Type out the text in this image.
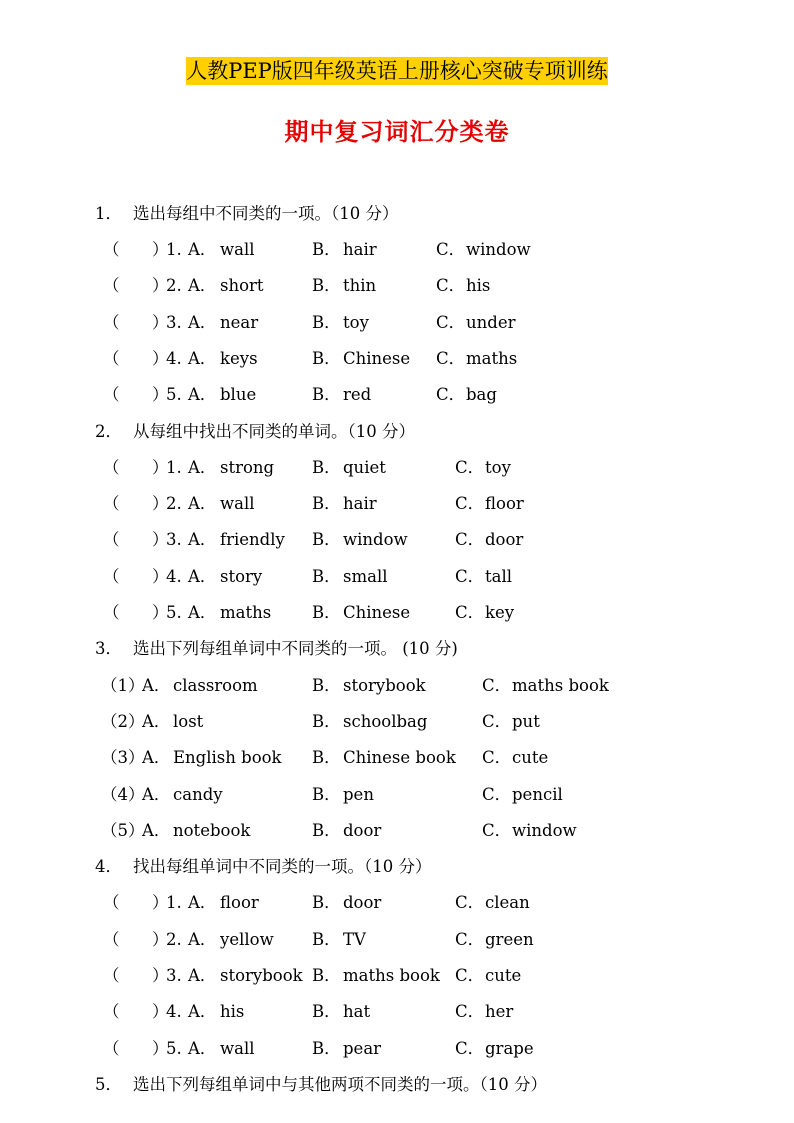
人教PEP版四年级英语上册核心突破专项训练
期中复习词汇分类卷
1． 选出每组中不同类的一项。（10 分）
（ ）
1. A． wall	B． hair	C． window
（ ）
2. A． short	B． thin	C． his
（ ）
3. A． near	B． toy	C． under
（ ）
4. A． keys	B． Chinese C． maths
（ ）
5. A． blue	B． red	C． bag
2． 从每组中找出不同类的单词。（10 分）
（ ）
1. A． strong B． quiet	C． toy
（ ）
2. A． wall	B． hair	C． floor
（ ）
3. A． friendly B． window	C． door
（ ）
4. A． story	B． small	C． tall
（ ）
5. A． maths B． Chinese	C． key
3． 选出下列每组单词中不同类的一项。 (10 分)
（1）
A． classroom	B． storybook	C． maths book
（2）
A． lost	B． schoolbag	C． put
（3）
A． English book B． Chinese book C． cute
（4）
A． candy	B． pen	C． pencil
（5）
A． notebook	B． door	C． window
4． 找出每组单词中不同类的一项。（10 分）
（ ）
1. A． floor	B． door	C． clean
（ ）
2. A． yellow B． TV	C． green
（ ）
3. A． storybook B． maths book C． cute
（ ）
4. A． his	B． hat	C． her
（ ）
5. A． wall	B． pear	C． grape
5． 选出下列每组单词中与其他两项不同类的一项。（10 分）
